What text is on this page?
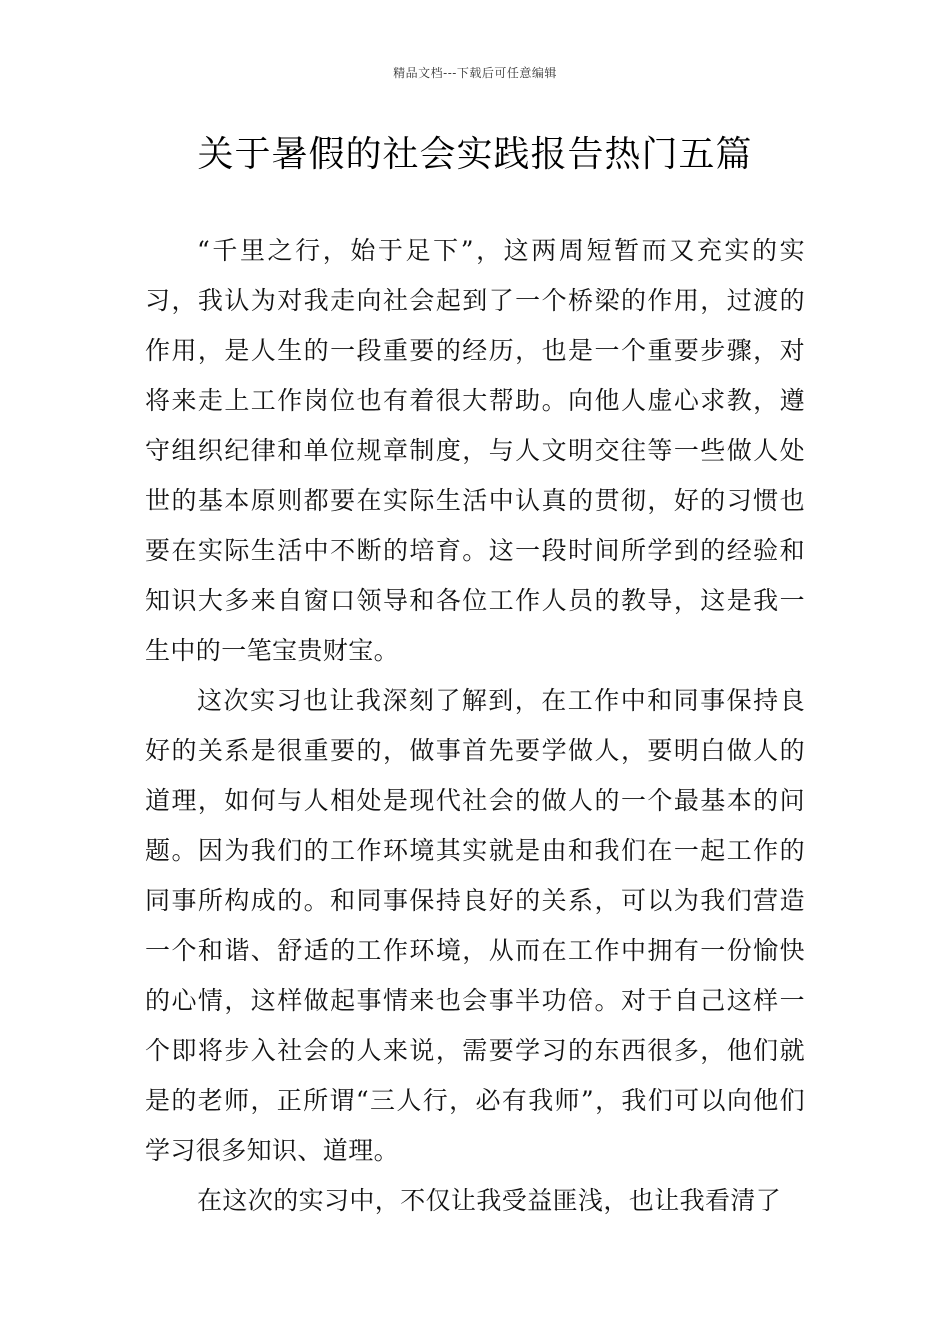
精品文档---下载后可任意编辑
关于暑假的社会实践报告热门五篇

“千里之行，始于足下”，这两周短暂而又充实的实习，我认为对我走向社会起到了一个桥梁的作用，过渡的作用，是人生的一段重要的经历，也是一个重要步骤，对将来走上工作岗位也有着很大帮助。向他人虚心求教，遵守组织纪律和单位规章制度，与人文明交往等一些做人处世的基本原则都要在实际生活中认真的贯彻，好的习惯也要在实际生活中不断的培育。这一段时间所学到的经验和知识大多来自窗口领导和各位工作人员的教导，这是我一生中的一笔宝贵财宝。

这次实习也让我深刻了解到，在工作中和同事保持良好的关系是很重要的，做事首先要学做人，要明白做人的道理，如何与人相处是现代社会的做人的一个最基本的问题。因为我们的工作环境其实就是由和我们在一起工作的同事所构成的。和同事保持良好的关系，可以为我们营造一个和谐、舒适的工作环境，从而在工作中拥有一份愉快的心情，这样做起事情来也会事半功倍。对于自己这样一个即将步入社会的人来说，需要学习的东西很多，他们就是的老师，正所谓“三人行，必有我师”，我们可以向他们学习很多知识、道理。

在这次的实习中，不仅让我受益匪浅，也让我看清了
